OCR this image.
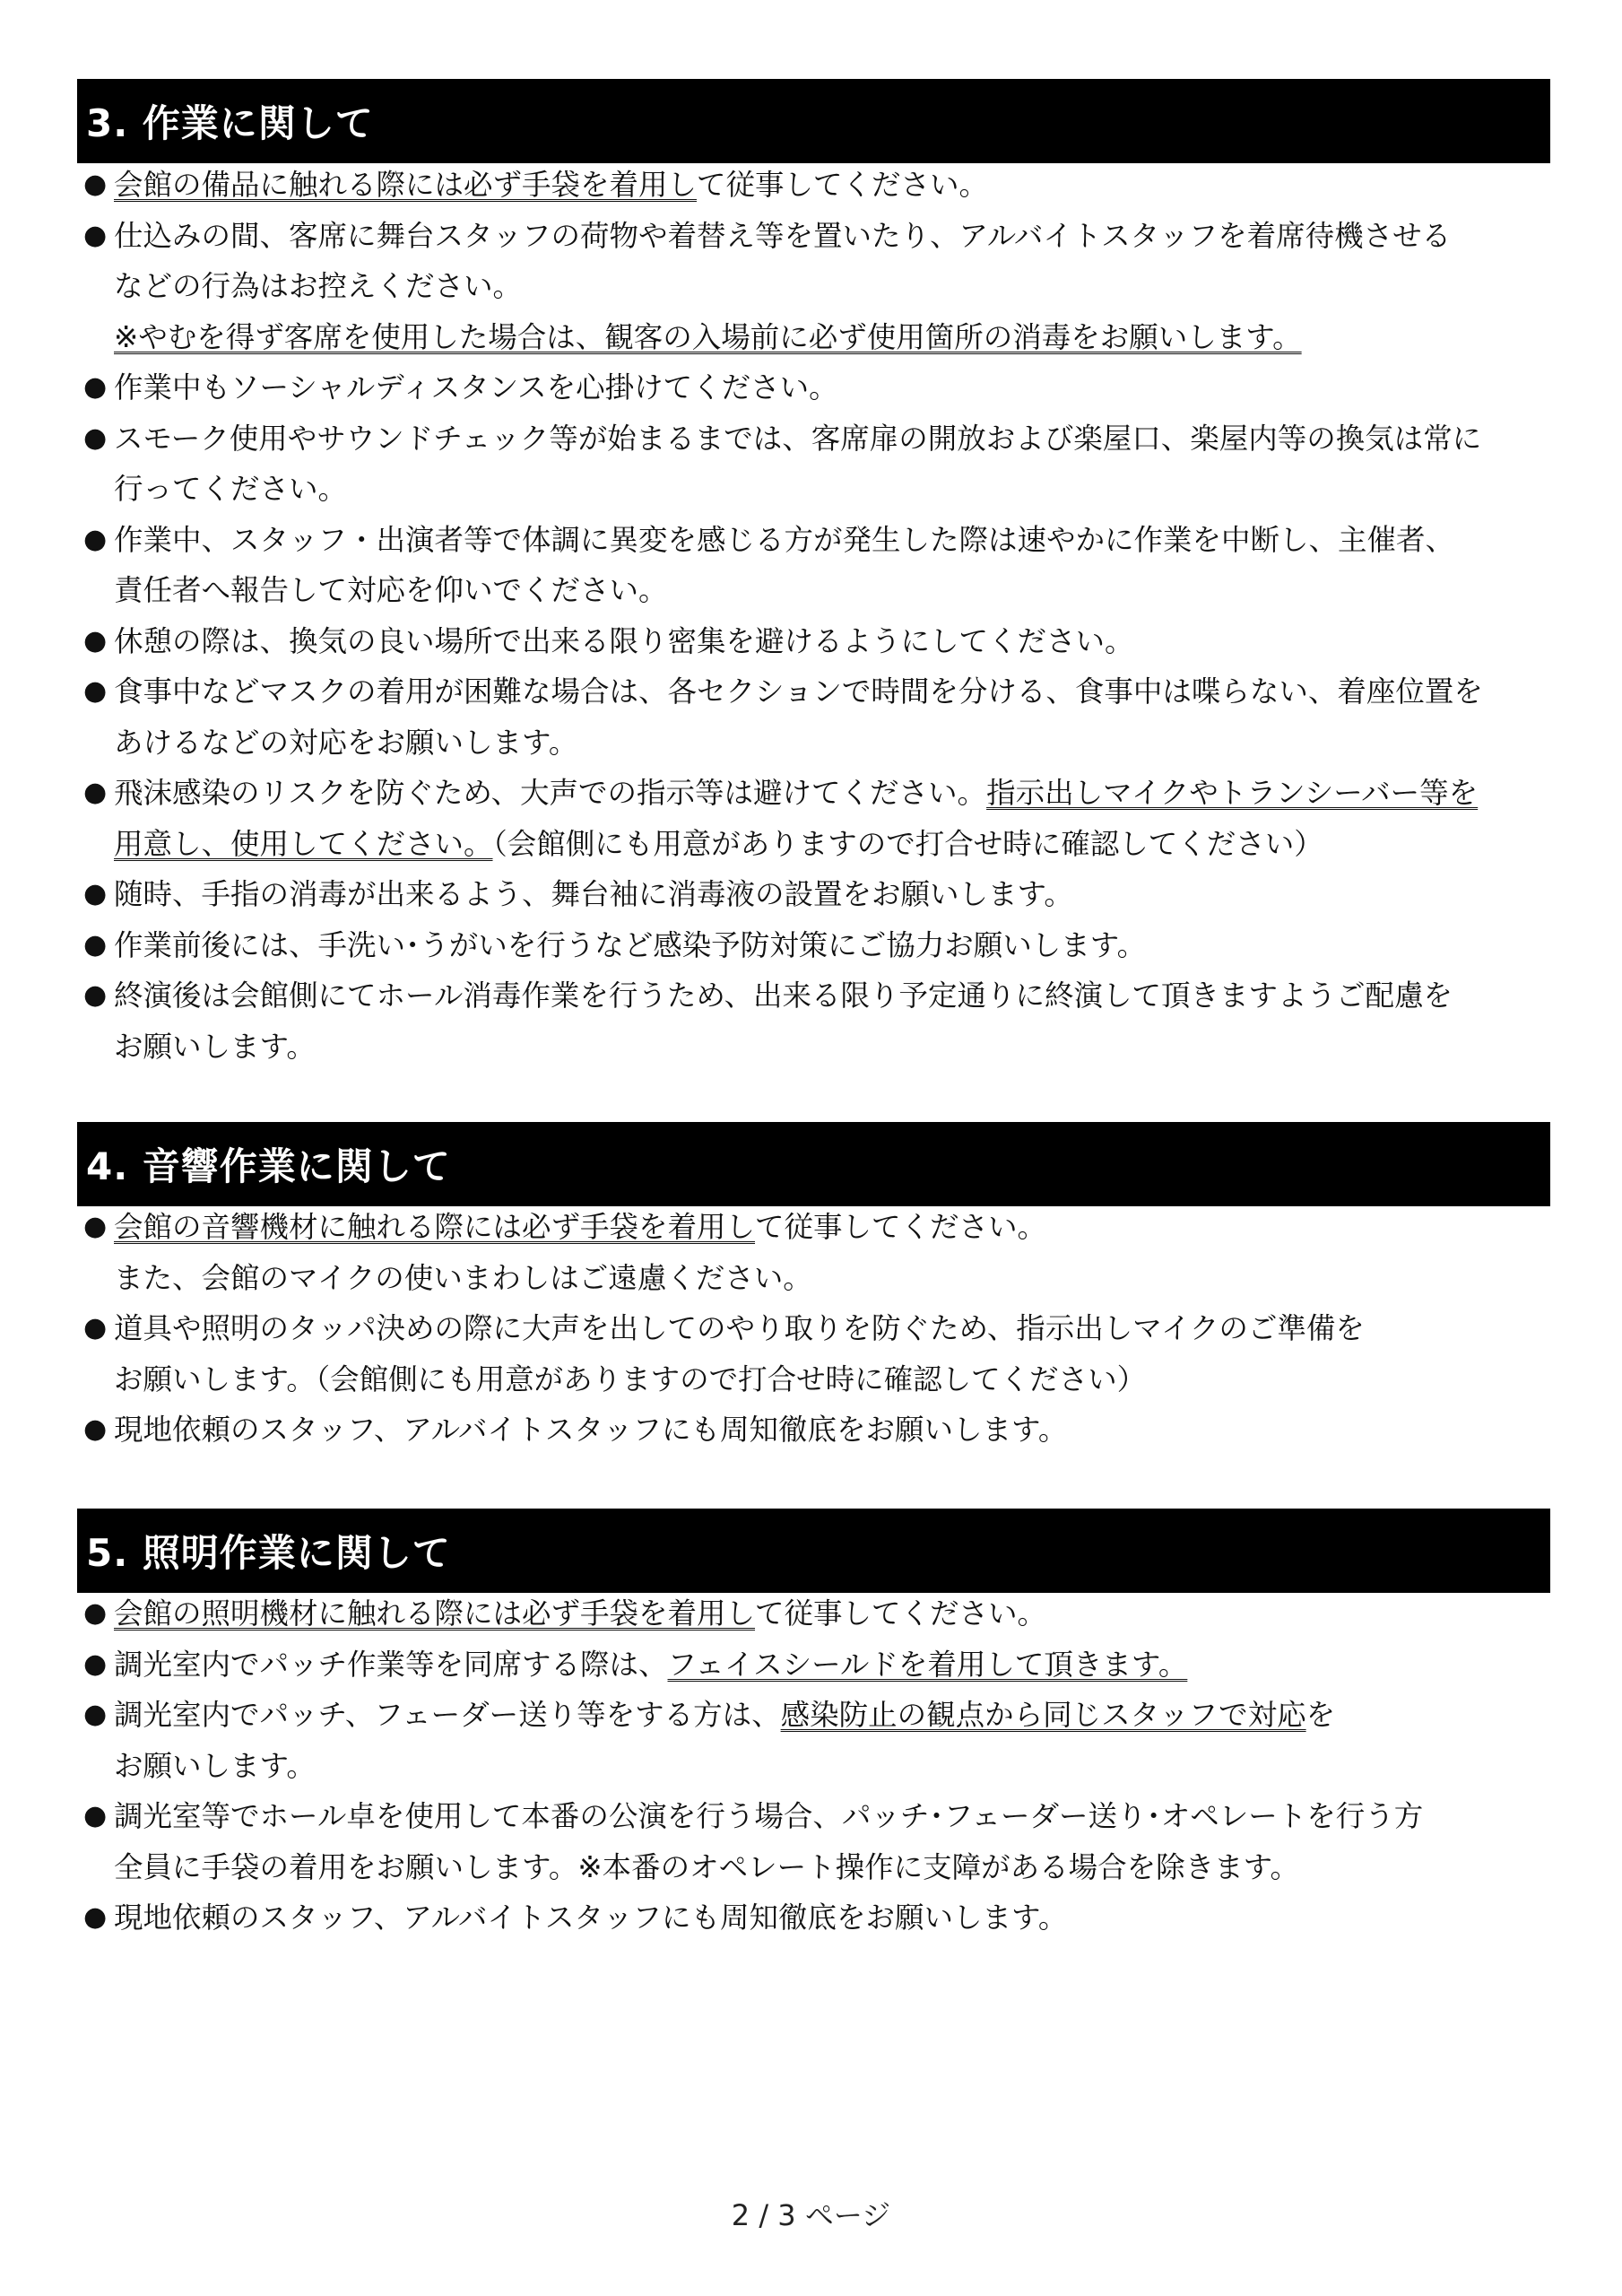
3. 作業に関して
● 会館の備品に触れる際には必ず手袋を着用して従事してください。
● 仕込みの間、客席に舞台スタッフの荷物や着替え等を置いたり、アルバイトスタッフを着席待機させる
などの行為はお控えください。
※やむを得ず客席を使用した場合は、観客の入場前に必ず使用箇所の消毒をお願いします。
● 作業中もソーシャルディスタンスを心掛けてください。
● スモーク使用やサウンドチェック等が始まるまでは、客席扉の開放および楽屋口、楽屋内等の換気は常に
行ってください。
● 作業中、スタッフ・出演者等で体調に異変を感じる方が発生した際は速やかに作業を中断し、主催者、
責任者へ報告して対応を仰いでください。
● 休憩の際は、換気の良い場所で出来る限り密集を避けるようにしてください。
● 食事中などマスクの着用が困難な場合は、各セクションで時間を分ける、食事中は喋らない、着座位置を
あけるなどの対応をお願いします。
● 飛沫感染のリスクを防ぐため、大声での指示等は避けてください。指示出しマイクやトランシーバー等を
用意し、使用してください。（会館側にも用意がありますので打合せ時に確認してください）
● 随時、手指の消毒が出来るよう、舞台袖に消毒液の設置をお願いします。
● 作業前後には、手洗い･うがいを行うなど感染予防対策にご協力お願いします。
● 終演後は会館側にてホール消毒作業を行うため、出来る限り予定通りに終演して頂きますようご配慮を
お願いします。
4. 音響作業に関して
● 会館の音響機材に触れる際には必ず手袋を着用して従事してください。
また、会館のマイクの使いまわしはご遠慮ください。
● 道具や照明のタッパ決めの際に大声を出してのやり取りを防ぐため、指示出しマイクのご準備を
お願いします。（会館側にも用意がありますので打合せ時に確認してください）
● 現地依頼のスタッフ、アルバイトスタッフにも周知徹底をお願いします。
5. 照明作業に関して
● 会館の照明機材に触れる際には必ず手袋を着用して従事してください。
● 調光室内でパッチ作業等を同席する際は、フェイスシールドを着用して頂きます。
● 調光室内でパッチ、フェーダー送り等をする方は、感染防止の観点から同じスタッフで対応を
お願いします。
● 調光室等でホール卓を使用して本番の公演を行う場合、パッチ･フェーダー送り･オペレートを行う方
全員に手袋の着用をお願いします。※本番のオペレート操作に支障がある場合を除きます。
● 現地依頼のスタッフ、アルバイトスタッフにも周知徹底をお願いします。
2 / 3 ページ
